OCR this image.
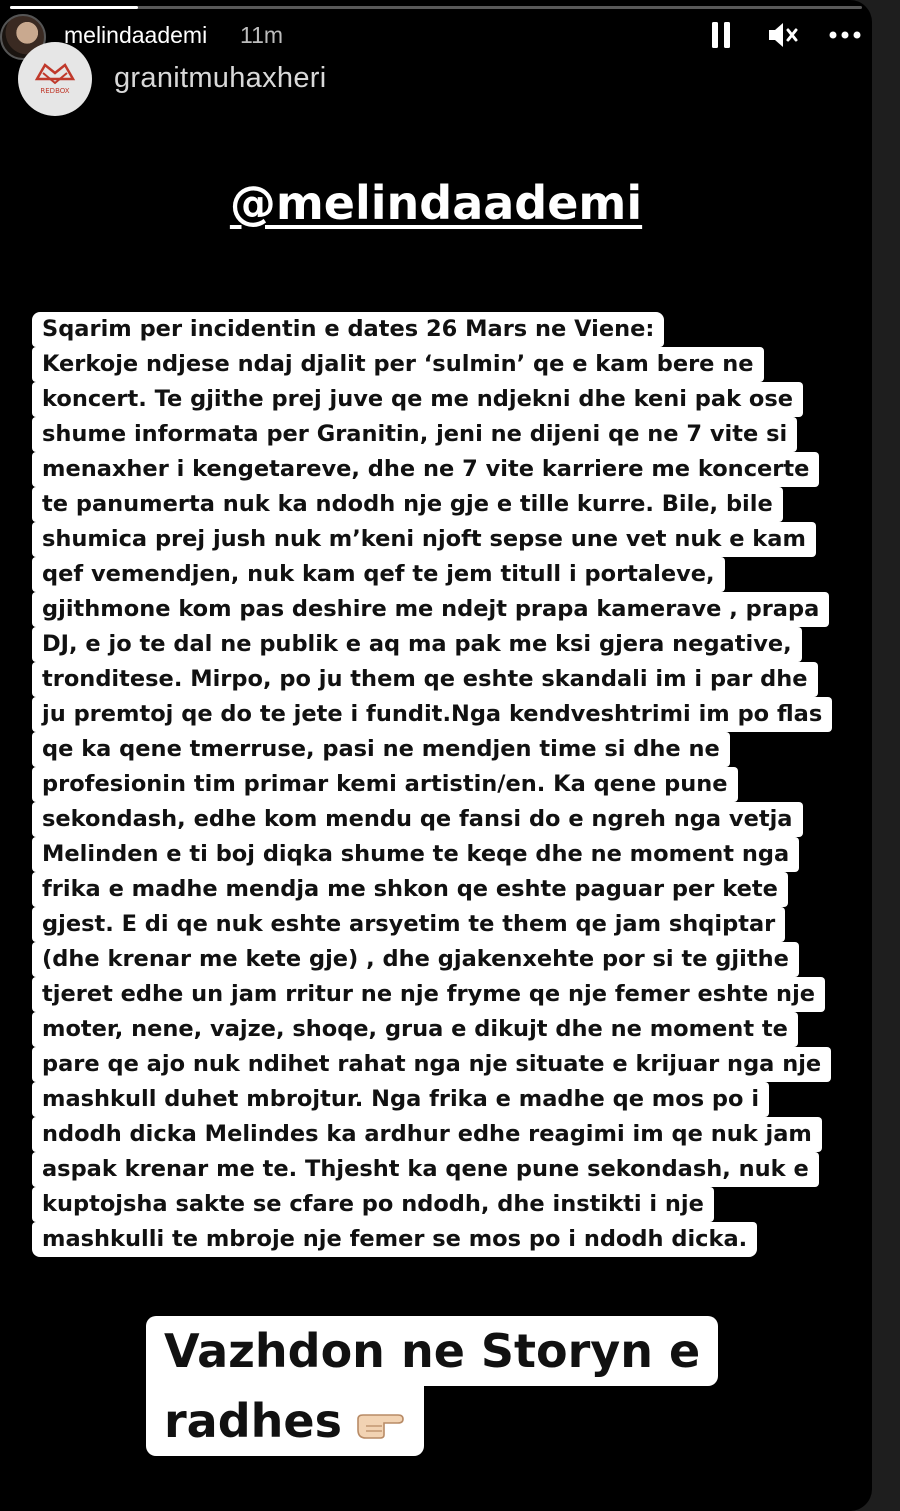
melindaademi 11m
REDBOX granitmuhaxheri
@melindaademi
Sqarim per incidentin e dates 26 Mars ne Viene:
Kerkoje ndjese ndaj djalit per ‘sulmin’ qe e kam bere ne
koncert. Te gjithe prej juve qe me ndjekni dhe keni pak ose
shume informata per Granitin, jeni ne dijeni qe ne 7 vite si
menaxher i kengetareve, dhe ne 7 vite karriere me koncerte
te panumerta nuk ka ndodh nje gje e tille kurre. Bile, bile
shumica prej jush nuk m’keni njoft sepse une vet nuk e kam
qef vemendjen, nuk kam qef te jem titull i portaleve,
gjithmone kom pas deshire me ndejt prapa kamerave , prapa
DJ, e jo te dal ne publik e aq ma pak me ksi gjera negative,
tronditese. Mirpo, po ju them qe eshte skandali im i par dhe
ju premtoj qe do te jete i fundit.Nga kendveshtrimi im po flas
qe ka qene tmerruse, pasi ne mendjen time si dhe ne
profesionin tim primar kemi artistin/en. Ka qene pune
sekondash, edhe kom mendu qe fansi do e ngreh nga vetja
Melinden e ti boj diqka shume te keqe dhe ne moment nga
frika e madhe mendja me shkon qe eshte paguar per kete
gjest. E di qe nuk eshte arsyetim te them qe jam shqiptar
(dhe krenar me kete gje) , dhe gjakenxehte por si te gjithe
tjeret edhe un jam rritur ne nje fryme qe nje femer eshte nje
moter, nene, vajze, shoqe, grua e dikujt dhe ne moment te
pare qe ajo nuk ndihet rahat nga nje situate e krijuar nga nje
mashkull duhet mbrojtur. Nga frika e madhe qe mos po i
ndodh dicka Melindes ka ardhur edhe reagimi im qe nuk jam
aspak krenar me te. Thjesht ka qene pune sekondash, nuk e
kuptojsha sakte se cfare po ndodh, dhe instikti i nje
mashkulli te mbroje nje femer se mos po i ndodh dicka.
Vazhdon ne Storyn e
radhes
